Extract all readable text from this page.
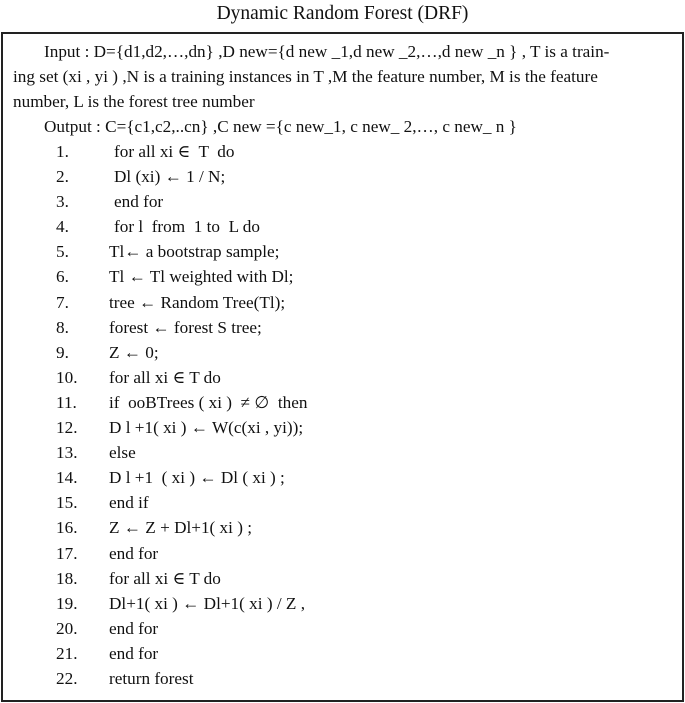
Dynamic Random Forest (DRF)
Input : D={d1,d2,…,dn} ,D new={d new _1,d new _2,…,d new _n } , T is a train-
ing set (xi , yi ) ,N is a training instances in T ,M the feature number, M is the feature
number, L is the forest tree number
Output : C={c1,c2,..cn} ,C new ={c new_1, c new_ 2,…, c new_ n }
1.	for all xi ∈  T  do
2.	Dl (xi) ← 1 / N;
3.	end for
4.	for l  from  1 to  L do
5. Tl← a bootstrap sample;
6. Tl ← Tl weighted with Dl;
7. tree ← Random Tree(Tl);
8. forest ← forest S tree;
9. Z ← 0;
10. for all xi ∈ T do
11. if  ooBTrees ( xi )  ≠ ∅  then
12. D l +1( xi ) ← W(c(xi , yi));
13. else
14. D l +1  ( xi ) ← Dl ( xi ) ;
15. end if
16. Z ← Z + Dl+1( xi ) ;
17. end for
18. for all xi ∈ T do
19. Dl+1( xi ) ← Dl+1( xi ) / Z ,
20. end for
21. end for
22. return forest
